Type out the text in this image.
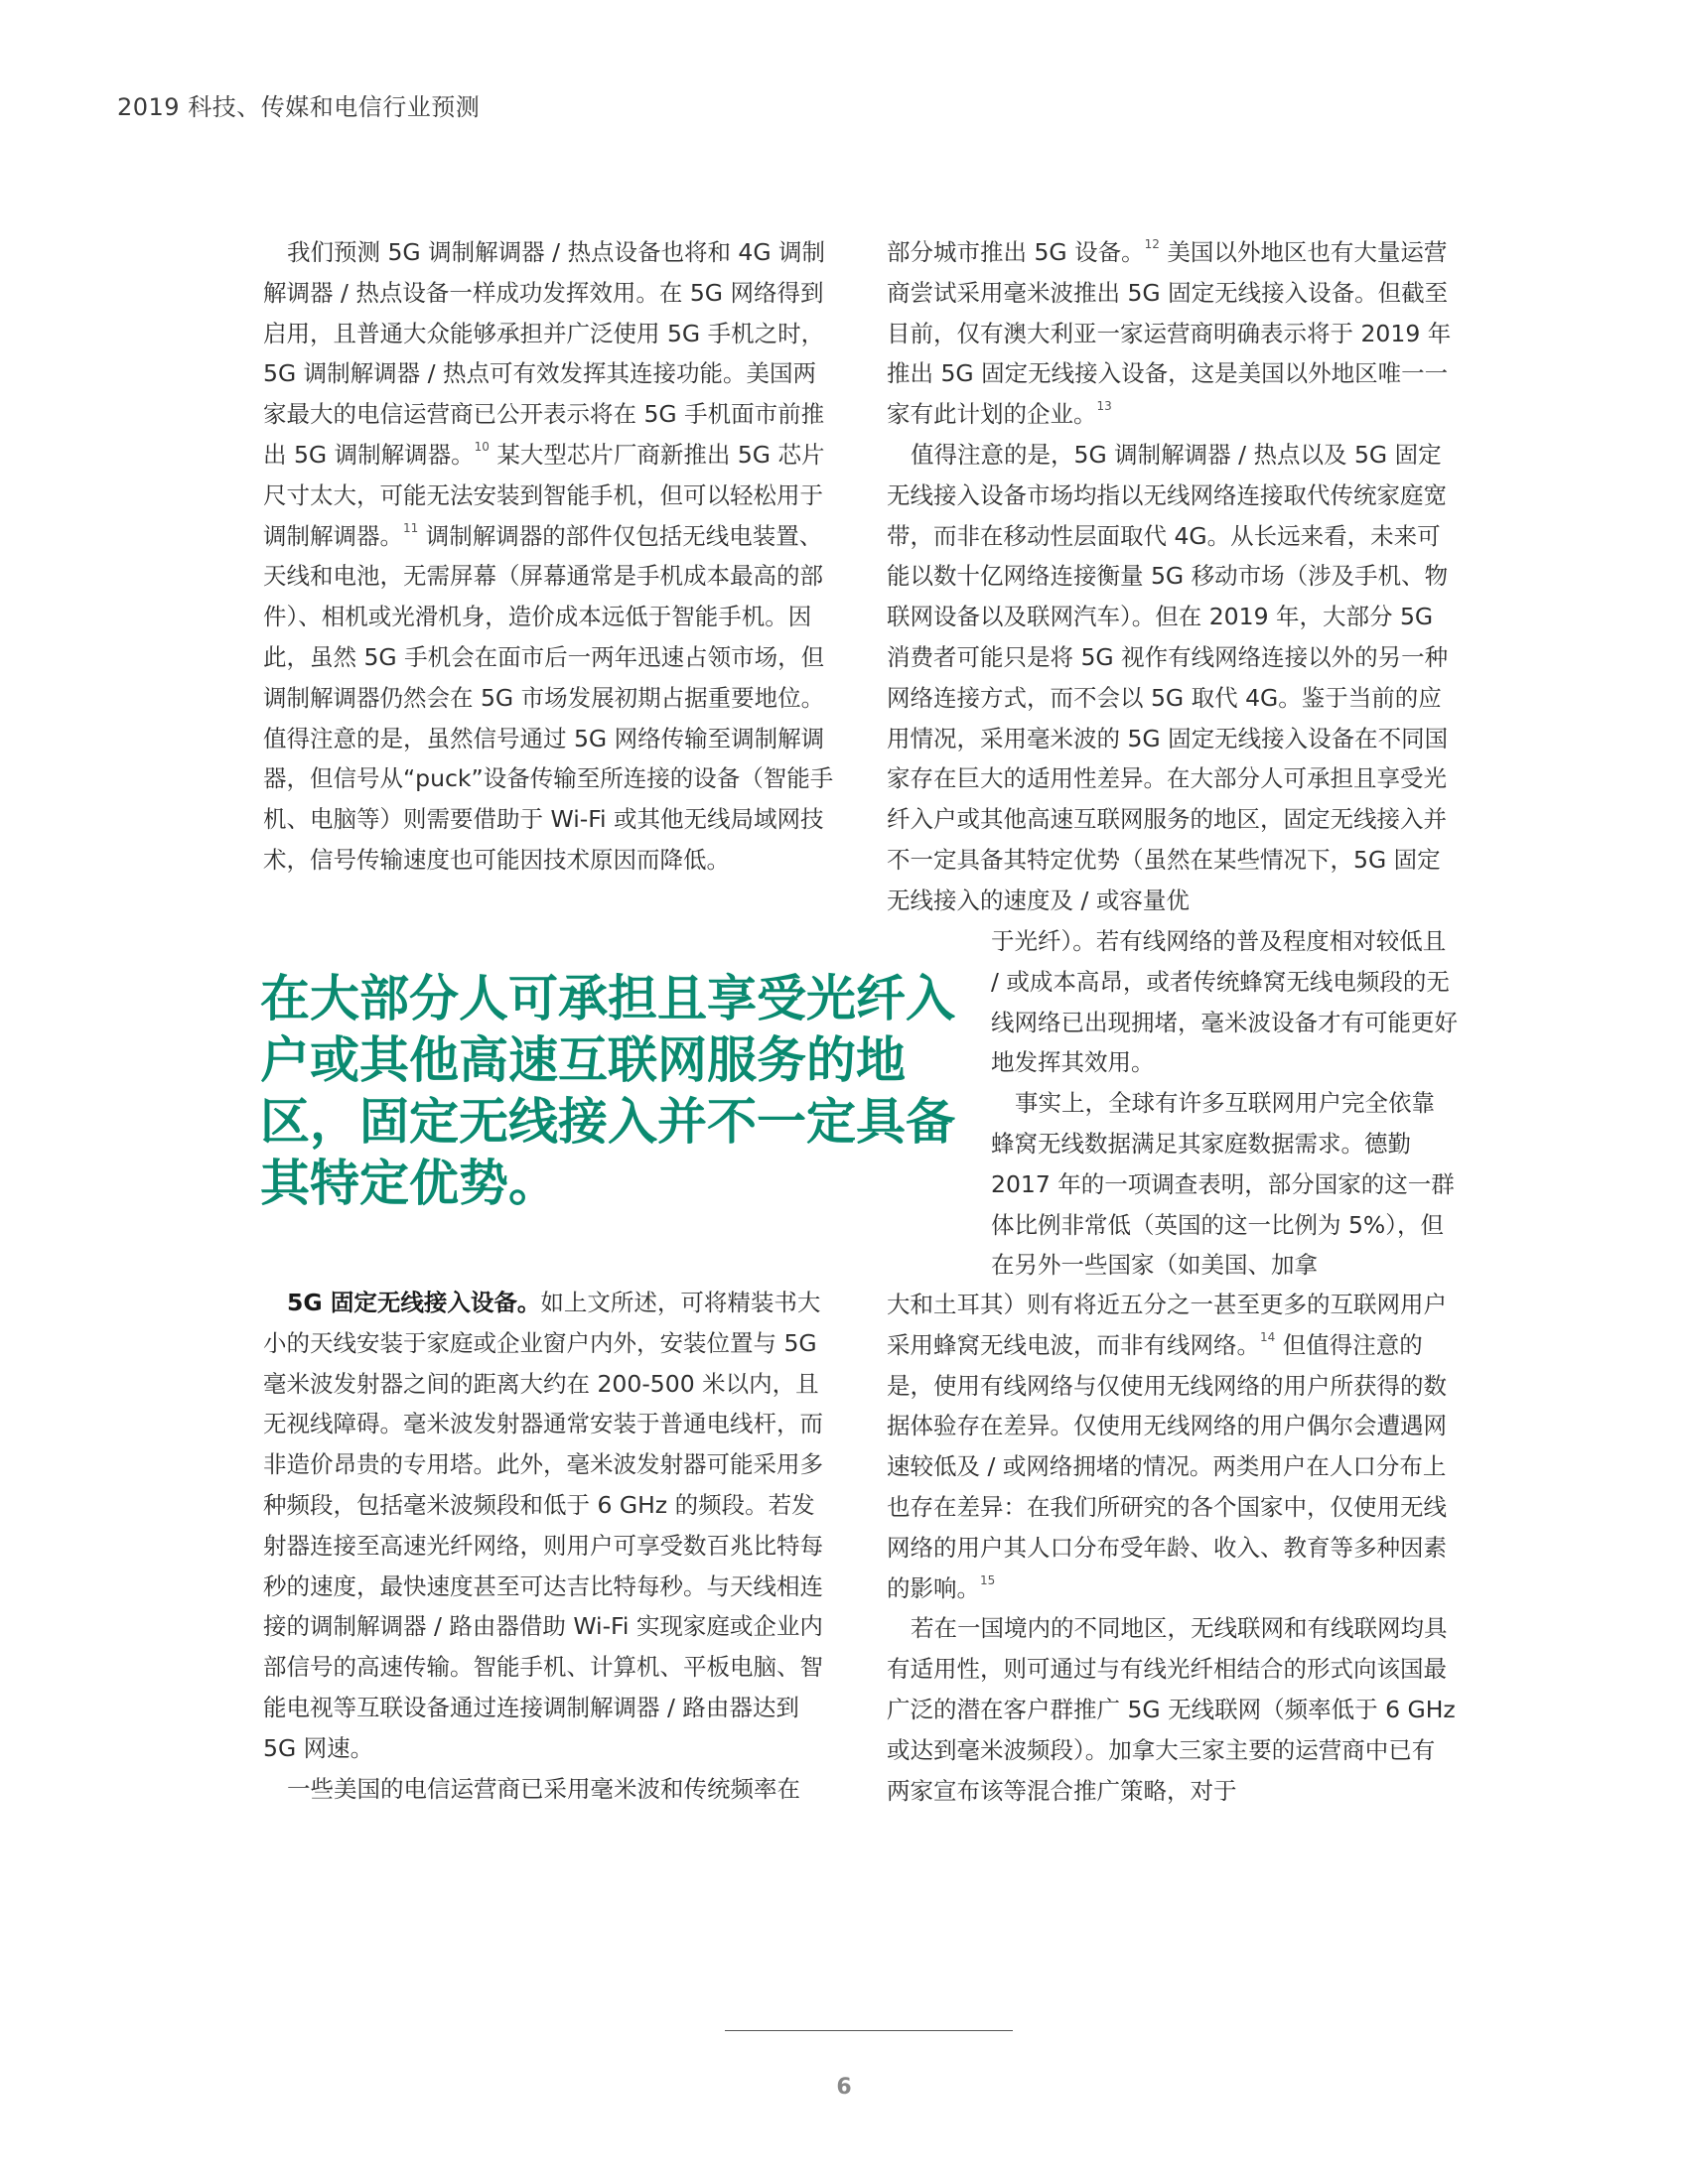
2019 科技、传媒和电信行业预测

我们预测 5G 调制解调器 / 热点设备也将和 4G 调制解调器 / 热点设备一样成功发挥效用。在 5G 网络得到启用，且普通大众能够承担并广泛使用 5G 手机之时，5G 调制解调器 / 热点可有效发挥其连接功能。美国两家最大的电信运营商已公开表示将在 5G 手机面市前推出 5G 调制解调器。$^{10}$ 某大型芯片厂商新推出 5G 芯片尺寸太大，可能无法安装到智能手机，但可以轻松用于调制解调器。$^{11}$ 调制解调器的部件仅包括无线电装置、天线和电池，无需屏幕（屏幕通常是手机成本最高的部件）、相机或光滑机身，造价成本远低于智能手机。因此，虽然 5G 手机会在面市后一两年迅速占领市场，但调制解调器仍然会在 5G 市场发展初期占据重要地位。值得注意的是，虽然信号通过 5G 网络传输至调制解调器，但信号从“puck”设备传输至所连接的设备（智能手机、电脑等）则需要借助于 Wi-Fi 或其他无线局域网技术，信号传输速度也可能因技术原因而降低。

在大部分人可承担且享受光纤入户或其他高速互联网服务的地区，固定无线接入并不一定具备其特定优势。

5G 固定无线接入设备。如上文所述，可将精装书大小的天线安装于家庭或企业窗户内外，安装位置与 5G 毫米波发射器之间的距离大约在 200-500 米以内，且无视线障碍。毫米波发射器通常安装于普通电线杆，而非造价昂贵的专用塔。此外，毫米波发射器可能采用多种频段，包括毫米波频段和低于 6 GHz 的频段。若发射器连接至高速光纤网络，则用户可享受数百兆比特每秒的速度，最快速度甚至可达吉比特每秒。与天线相连接的调制解调器 / 路由器借助 Wi-Fi 实现家庭或企业内部信号的高速传输。智能手机、计算机、平板电脑、智能电视等互联设备通过连接调制解调器 / 路由器达到 5G 网速。

一些美国的电信运营商已采用毫米波和传统频率在

部分城市推出 5G 设备。$^{12}$ 美国以外地区也有大量运营商尝试采用毫米波推出 5G 固定无线接入设备。但截至目前，仅有澳大利亚一家运营商明确表示将于 2019 年推出 5G 固定无线接入设备，这是美国以外地区唯一一家有此计划的企业。$^{13}$

值得注意的是，5G 调制解调器 / 热点以及 5G 固定无线接入设备市场均指以无线网络连接取代传统家庭宽带，而非在移动性层面取代 4G。从长远来看，未来可能以数十亿网络连接衡量 5G 移动市场（涉及手机、物联网设备以及联网汽车）。但在 2019 年，大部分 5G 消费者可能只是将 5G 视作有线网络连接以外的另一种网络连接方式，而不会以 5G 取代 4G。鉴于当前的应用情况，采用毫米波的 5G 固定无线接入设备在不同国家存在巨大的适用性差异。在大部分人可承担且享受光纤入户或其他高速互联网服务的地区，固定无线接入并不一定具备其特定优势（虽然在某些情况下，5G 固定无线接入的速度及 / 或容量优

于光纤）。若有线网络的普及程度相对较低且 / 或成本高昂，或者传统蜂窝无线电频段的无线网络已出现拥堵，毫米波设备才有可能更好地发挥其效用。

事实上，全球有许多互联网用户完全依靠蜂窝无线数据满足其家庭数据需求。德勤 2017 年的一项调查表明，部分国家的这一群体比例非常低（英国的这一比例为 5%），但在另外一些国家（如美国、加拿

大和土耳其）则有将近五分之一甚至更多的互联网用户采用蜂窝无线电波，而非有线网络。$^{14}$ 但值得注意的是，使用有线网络与仅使用无线网络的用户所获得的数据体验存在差异。仅使用无线网络的用户偶尔会遭遇网速较低及 / 或网络拥堵的情况。两类用户在人口分布上也存在差异：在我们所研究的各个国家中，仅使用无线网络的用户其人口分布受年龄、收入、教育等多种因素的影响。$^{15}$

若在一国境内的不同地区，无线联网和有线联网均具有适用性，则可通过与有线光纤相结合的形式向该国最广泛的潜在客户群推广 5G 无线联网（频率低于 6 GHz 或达到毫米波频段）。加拿大三家主要的运营商中已有两家宣布该等混合推广策略，对于

6
